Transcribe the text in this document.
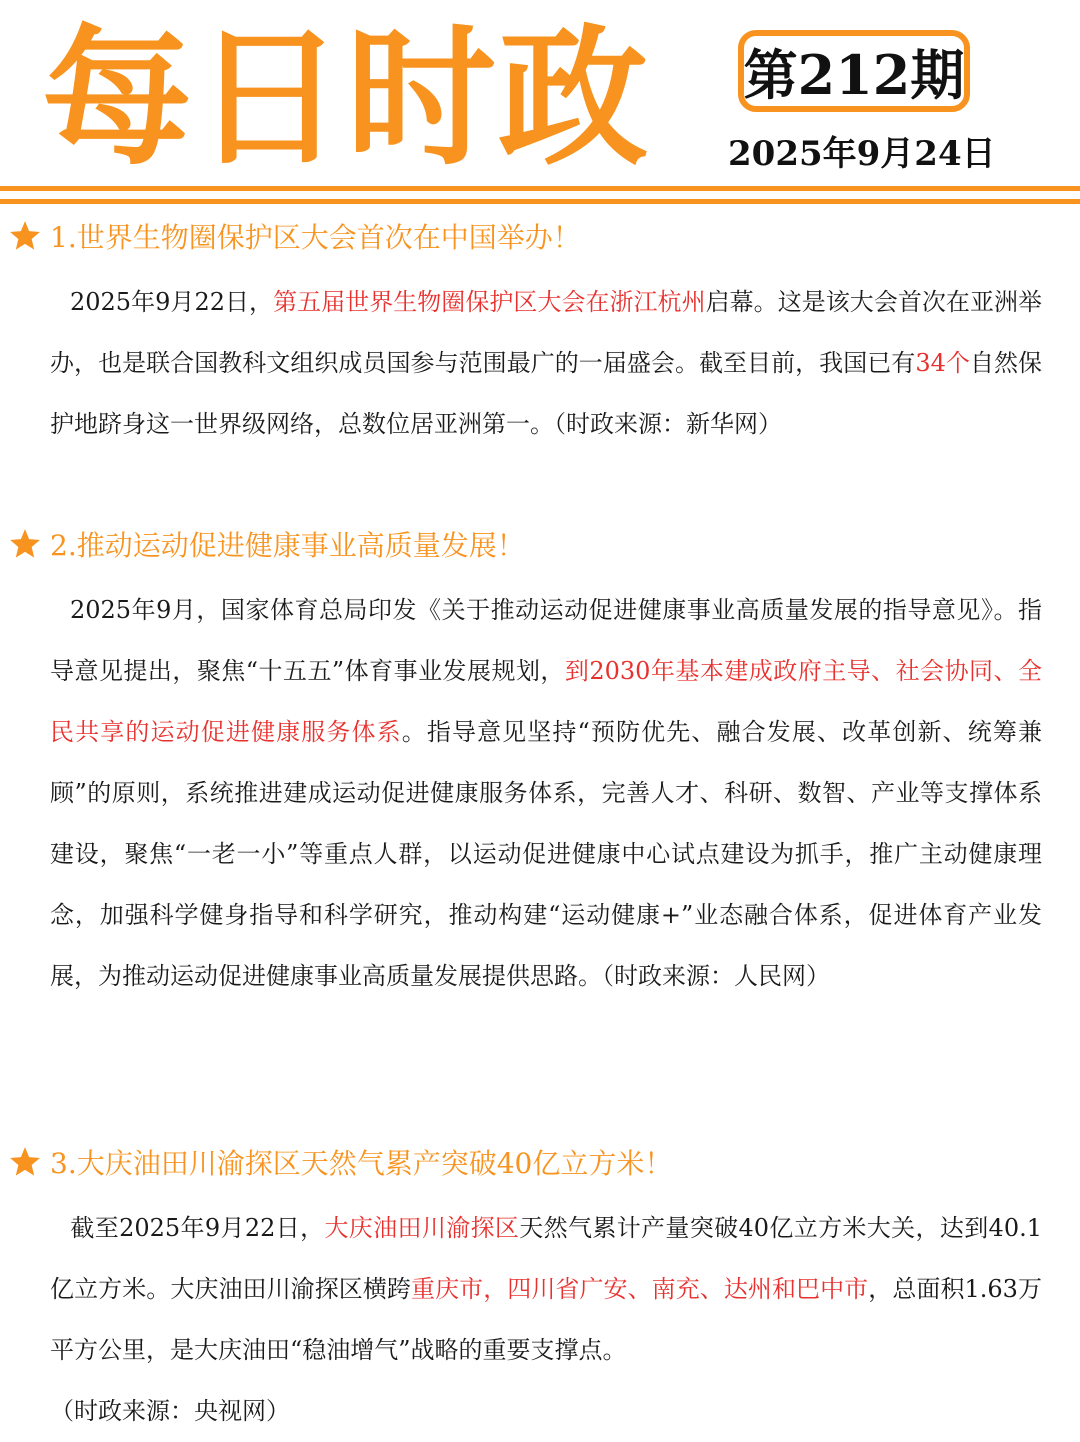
每日时政 第212期
2025年9月24日
1.世界生物圈保护区大会首次在中国举办！
2025年9月22日，第五届世界生物圈保护区大会在浙江杭州启幕。这是该大会首次在亚洲举办，也是联合国教科文组织成员国参与范围最广的一届盛会。截至目前，我国已有34个自然保护地跻身这一世界级网络，总数位居亚洲第一。（时政来源：新华网）
2.推动运动促进健康事业高质量发展！
2025年9月，国家体育总局印发《关于推动运动促进健康事业高质量发展的指导意见》。指导意见提出，聚焦“十五五”体育事业发展规划，到2030年基本建成政府主导、社会协同、全民共享的运动促进健康服务体系。指导意见坚持“预防优先、融合发展、改革创新、统筹兼顾”的原则，系统推进建成运动促进健康服务体系，完善人才、科研、数智、产业等支撑体系建设，聚焦“一老一小”等重点人群，以运动促进健康中心试点建设为抓手，推广主动健康理念，加强科学健身指导和科学研究，推动构建“运动健康+”业态融合体系，促进体育产业发展，为推动运动促进健康事业高质量发展提供思路。（时政来源：人民网）
3.大庆油田川渝探区天然气累产突破40亿立方米！
截至2025年9月22日，大庆油田川渝探区天然气累计产量突破40亿立方米大关，达到40.1亿立方米。大庆油田川渝探区横跨重庆市，四川省广安、南充、达州和巴中市，总面积1.63万平方公里，是大庆油田“稳油增气”战略的重要支撑点。
（时政来源：央视网）
